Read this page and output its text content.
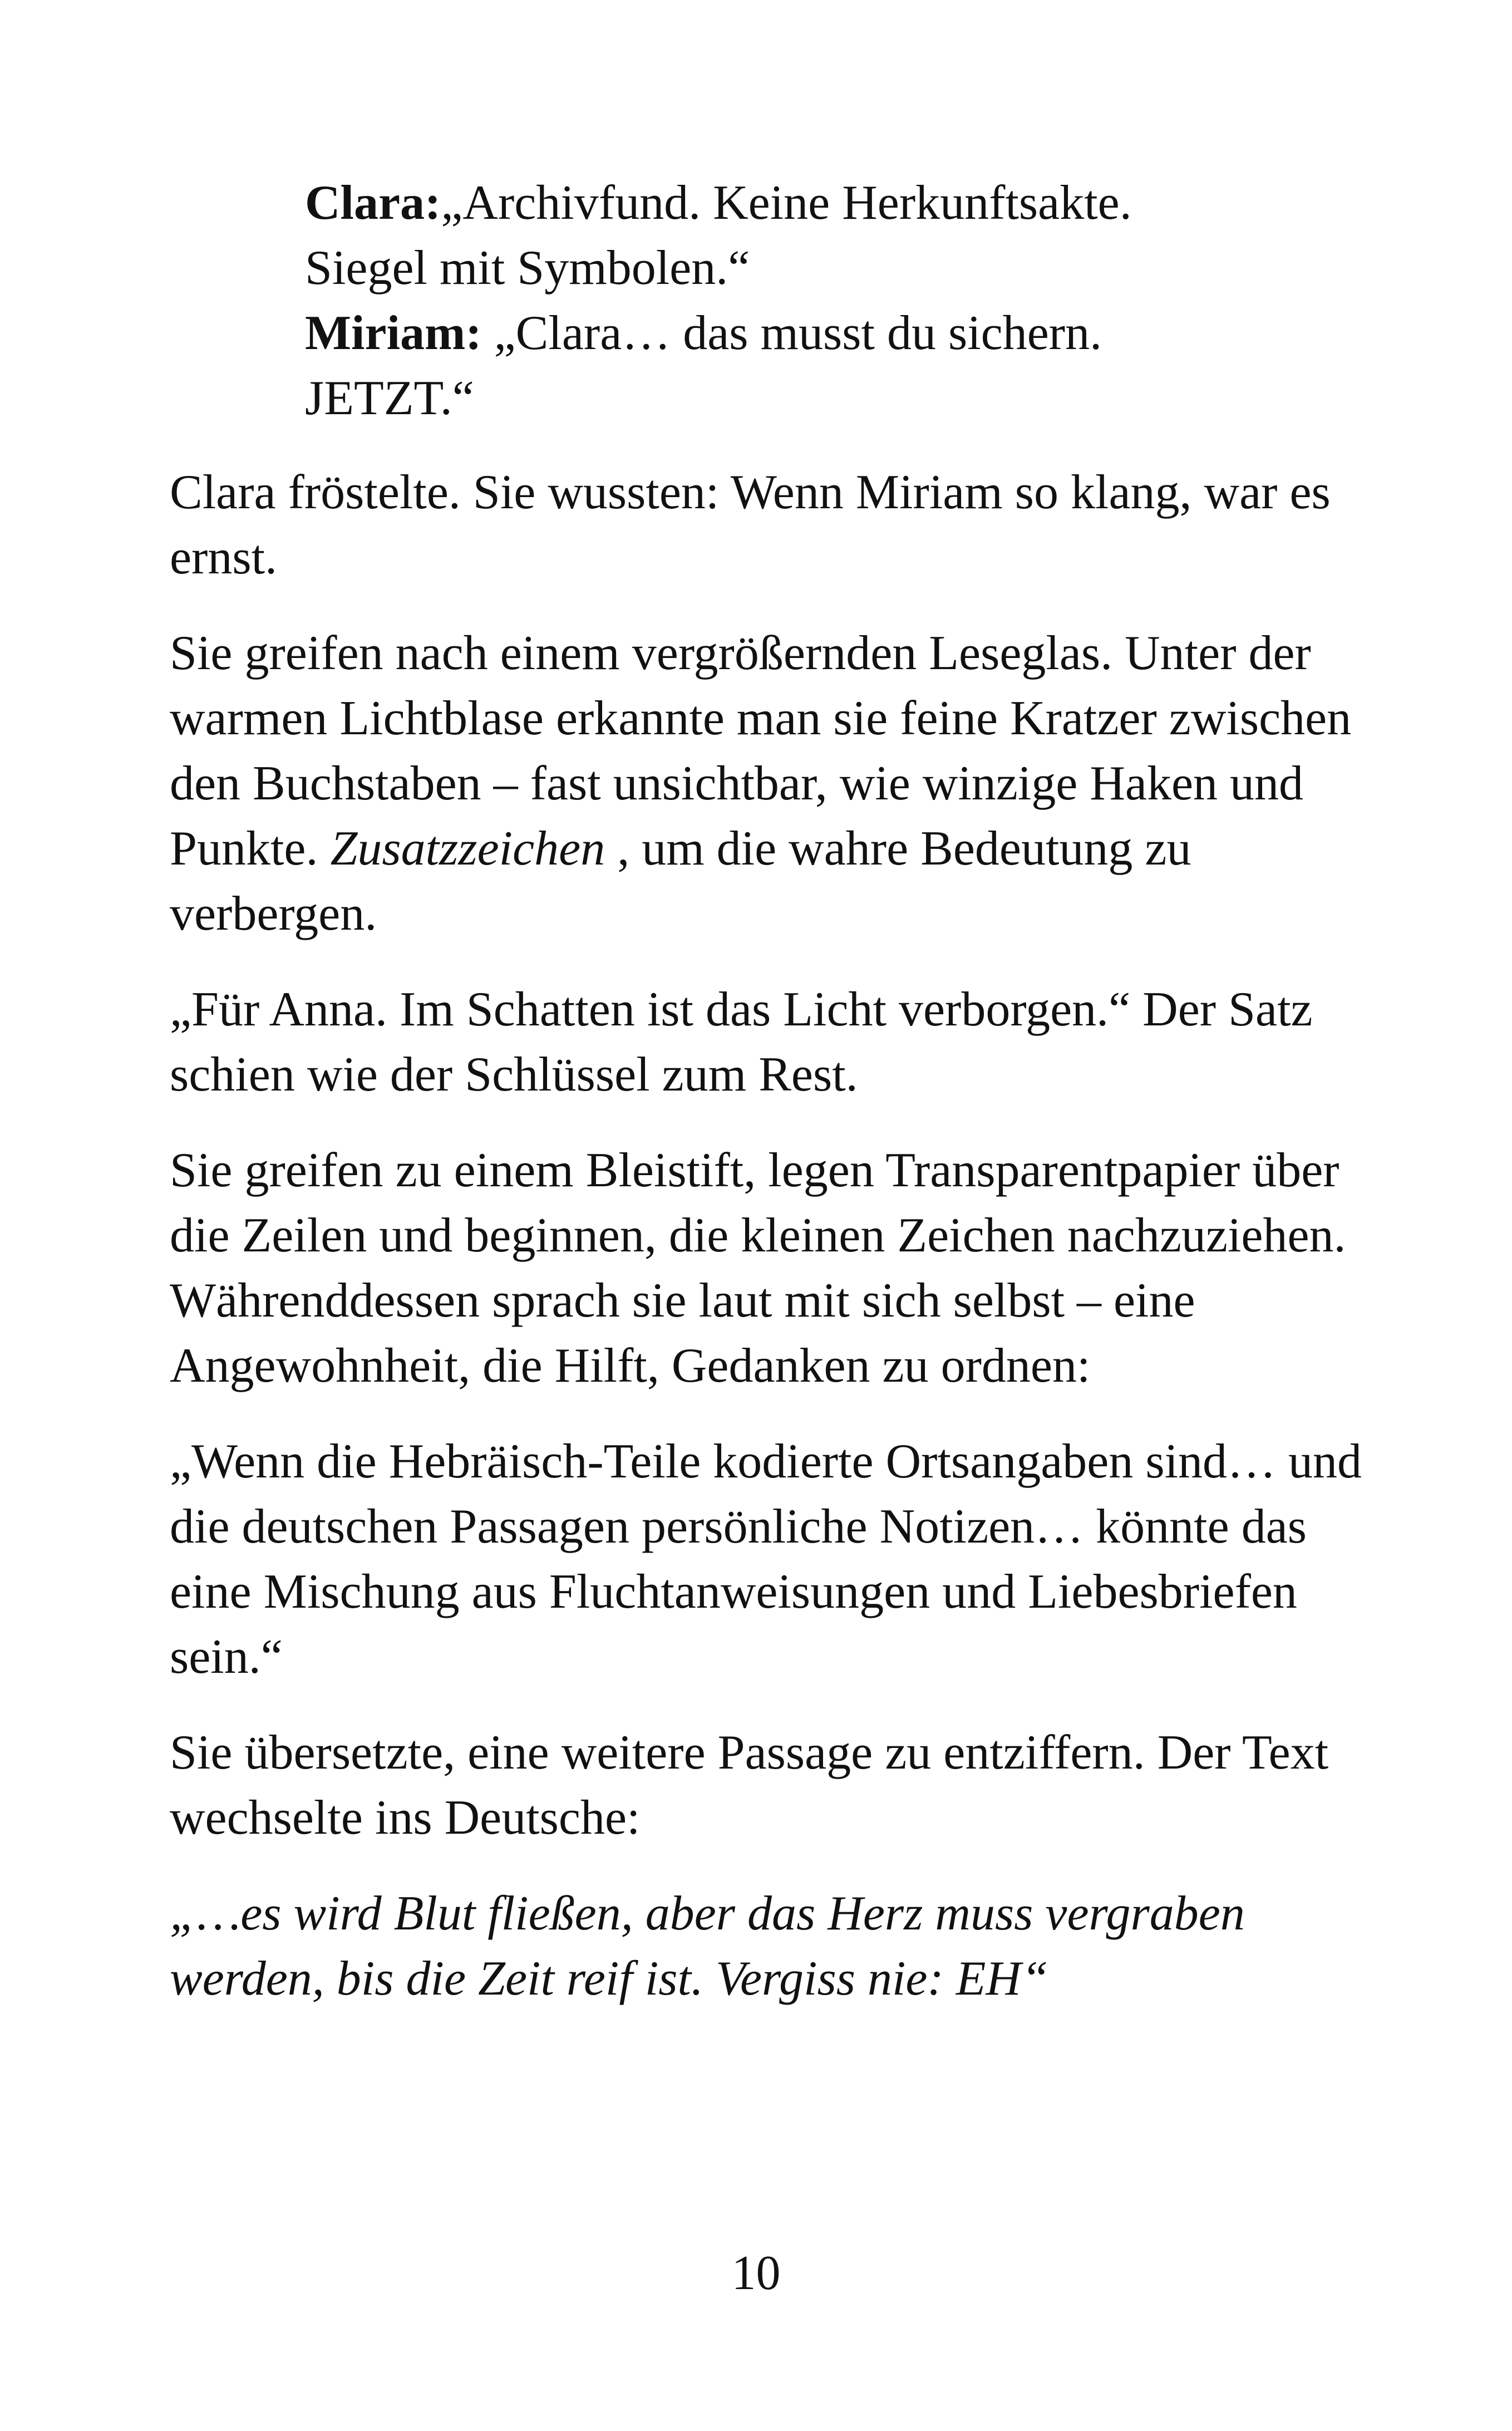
Clara:„Archivfund. Keine Herkunftsakte. Siegel mit Symbolen.“

Miriam: „Clara… das musst du sichern. JETZT.“

Clara fröstelte. Sie wussten: Wenn Miriam so klang, war es ernst.

Sie greifen nach einem vergrößernden Leseglas. Unter der warmen Lichtblase erkannte man sie feine Kratzer zwischen den Buchstaben – fast unsichtbar, wie winzige Haken und Punkte. Zusatzzeichen , um die wahre Bedeutung zu verbergen.

„Für Anna. Im Schatten ist das Licht verborgen.“ Der Satz schien wie der Schlüssel zum Rest.

Sie greifen zu einem Bleistift, legen Transparentpapier über die Zeilen und beginnen, die kleinen Zeichen nachzuziehen. Währenddessen sprach sie laut mit sich selbst – eine Angewohnheit, die Hilft, Gedanken zu ordnen:

„Wenn die Hebräisch-Teile kodierte Ortsangaben sind… und die deutschen Passagen persönliche Notizen… könnte das eine Mischung aus Fluchtanweisungen und Liebesbriefen sein.“

Sie übersetzte, eine weitere Passage zu entziffern. Der Text wechselte ins Deutsche:

„…es wird Blut fließen, aber das Herz muss vergraben werden, bis die Zeit reif ist. Vergiss nie: EH“

10
